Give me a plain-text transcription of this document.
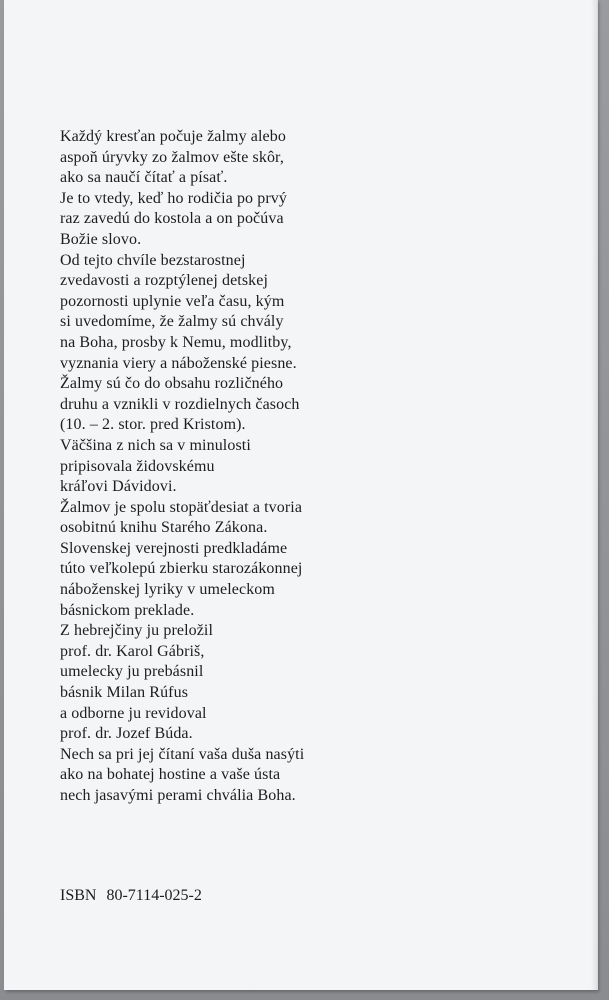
Každý kresťan počuje žalmy alebo
aspoň úryvky zo žalmov ešte skôr,
ako sa naučí čítať a písať.
Je to vtedy, keď ho rodičia po prvý
raz zavedú do kostola a on počúva
Božie slovo.
Od tejto chvíle bezstarostnej
zvedavosti a rozptýlenej detskej
pozornosti uplynie veľa času, kým
si uvedomíme, že žalmy sú chvály
na Boha, prosby k Nemu, modlitby,
vyznania viery a náboženské piesne.
Žalmy sú čo do obsahu rozličného
druhu a vznikli v rozdielnych časoch
(10. – 2. stor. pred Kristom).
Väčšina z nich sa v minulosti
pripisovala židovskému
kráľovi Dávidovi.
Žalmov je spolu stopäťdesiat a tvoria
osobitnú knihu Starého Zákona.
Slovenskej verejnosti predkladáme
túto veľkolepú zbierku starozákonnej
náboženskej lyriky v umeleckom
básnickom preklade.
Z hebrejčiny ju preložil
prof. dr. Karol Gábriš,
umelecky ju prebásnil
básnik Milan Rúfus
a odborne ju revidoval
prof. dr. Jozef Búda.
Nech sa pri jej čítaní vaša duša nasýti
ako na bohatej hostine a vaše ústa
nech jasavými perami chvália Boha.
ISBN 80-7114-025-2
